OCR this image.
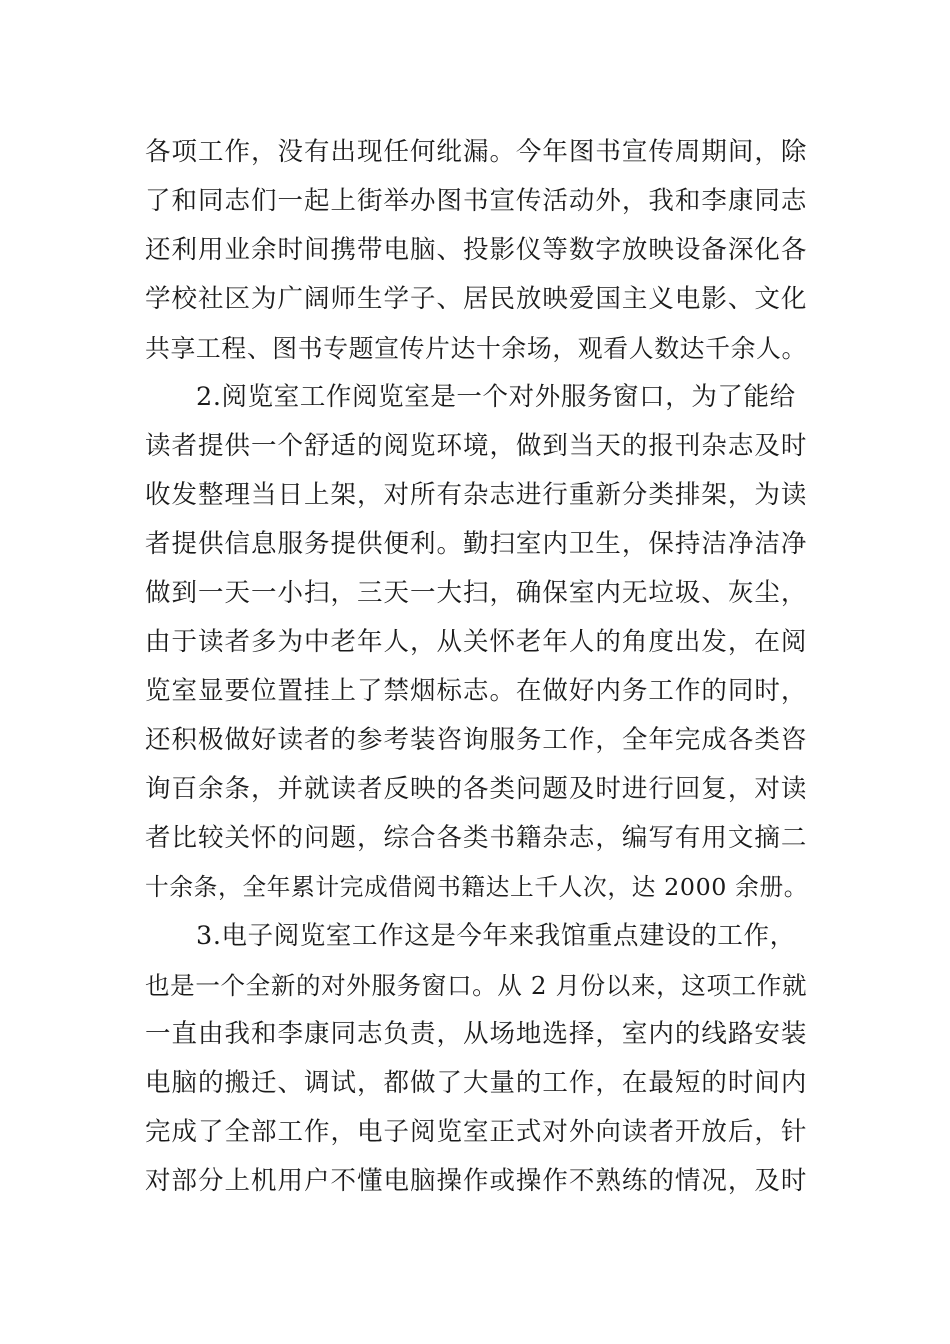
各项工作，没有出现任何纰漏。今年图书宣传周期间，除
了和同志们一起上街举办图书宣传活动外，我和李康同志
还利用业余时间携带电脑、投影仪等数字放映设备深化各
学校社区为广阔师生学子、居民放映爱国主义电影、文化
共享工程、图书专题宣传片达十余场，观看人数达千余人。
2.阅览室工作阅览室是一个对外服务窗口，为了能给
读者提供一个舒适的阅览环境，做到当天的报刊杂志及时
收发整理当日上架，对所有杂志进行重新分类排架，为读
者提供信息服务提供便利。勤扫室内卫生，保持洁净洁净
做到一天一小扫，三天一大扫，确保室内无垃圾、灰尘，
由于读者多为中老年人，从关怀老年人的角度出发，在阅
览室显要位置挂上了禁烟标志。在做好内务工作的同时，
还积极做好读者的参考装咨询服务工作，全年完成各类咨
询百余条，并就读者反映的各类问题及时进行回复，对读
者比较关怀的问题，综合各类书籍杂志，编写有用文摘二
十余条，全年累计完成借阅书籍达上千人次，达 2000 余册。
3.电子阅览室工作这是今年来我馆重点建设的工作，
也是一个全新的对外服务窗口。从 2 月份以来，这项工作就
一直由我和李康同志负责，从场地选择，室内的线路安装
电脑的搬迁、调试，都做了大量的工作，在最短的时间内
完成了全部工作，电子阅览室正式对外向读者开放后，针
对部分上机用户不懂电脑操作或操作不熟练的情况，及时
